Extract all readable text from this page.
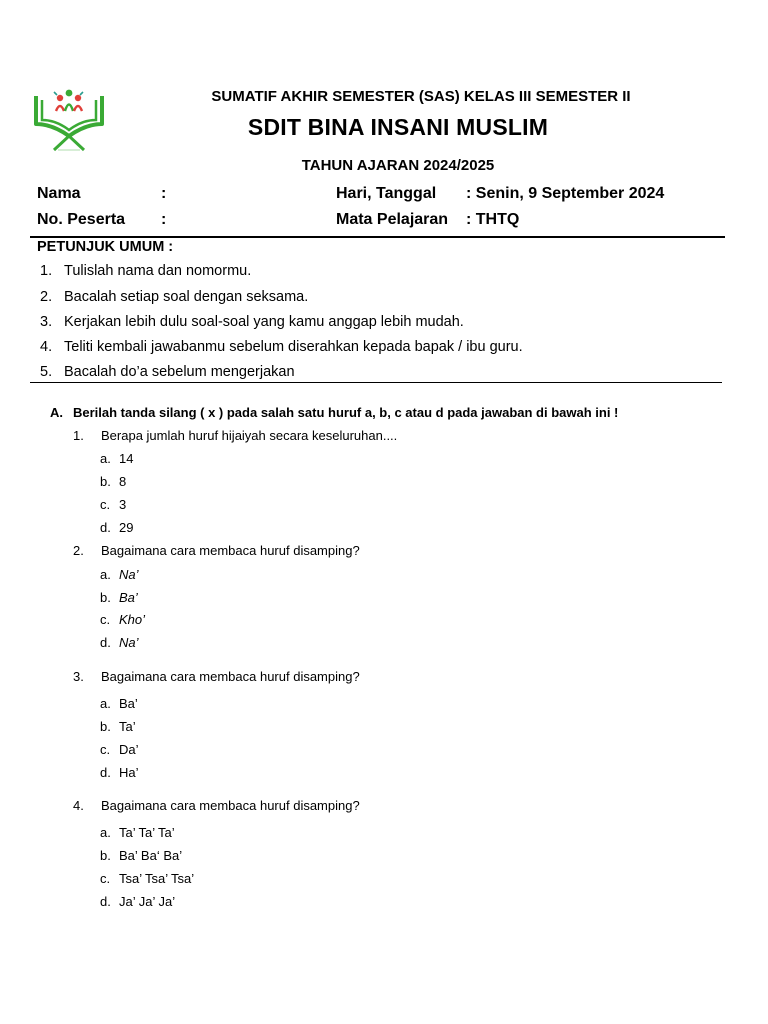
SUMATIF AKHIR SEMESTER (SAS) KELAS III SEMESTER II
SDIT BINA INSANI MUSLIM
TAHUN AJARAN 2024/2025
Nama	:
No. Peserta :
Hari, Tanggal : Senin, 9 September 2024
Mata Pelajaran : THTQ
PETUNJUK UMUM :
1. Tulislah nama dan nomormu.
2. Bacalah setiap soal dengan seksama.
3. Kerjakan lebih dulu soal-soal yang kamu anggap lebih mudah.
4. Teliti kembali jawabanmu sebelum diserahkan kepada bapak / ibu guru.
5. Bacalah do’a sebelum mengerjakan
A. Berilah tanda silang ( x ) pada salah satu huruf a, b, c atau d pada jawaban di bawah ini !
1. Berapa jumlah huruf hijaiyah secara keseluruhan....
a. 14
b. 8
c. 3
d. 29
2. Bagaimana cara membaca huruf disamping?
a. Na’
b. Ba’
c. Kho’
d. Na’
3. Bagaimana cara membaca huruf disamping?
a. Ba’
b. Ta’
c. Da’
d. Ha’
4. Bagaimana cara membaca huruf disamping?
a. Ta’ Ta’ Ta’
b. Ba’ Ba‘ Ba’
c. Tsa’ Tsa’ Tsa’
d. Ja’ Ja’ Ja’
